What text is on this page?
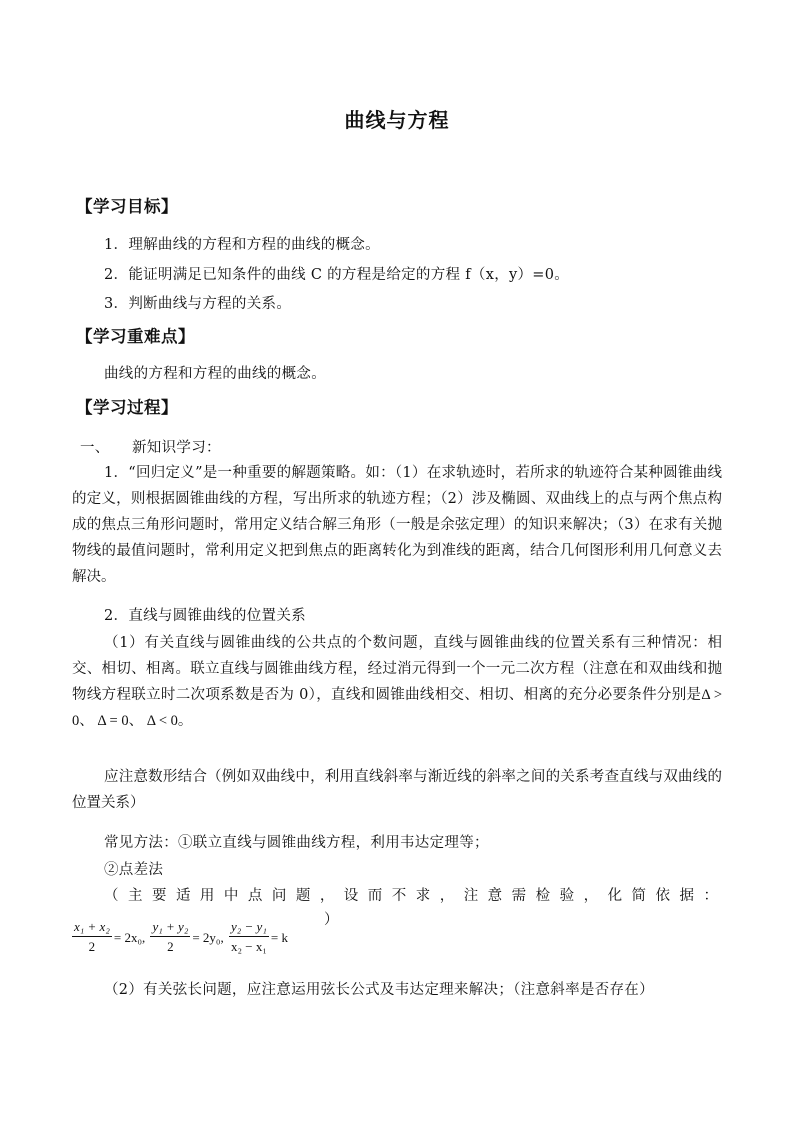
曲线与方程
【学习目标】
1．理解曲线的方程和方程的曲线的概念。
2．能证明满足已知条件的曲线 C 的方程是给定的方程 f（x，y）=0。
3．判断曲线与方程的关系。
【学习重难点】
曲线的方程和方程的曲线的概念。
【学习过程】
一、 新知识学习：
1．“回归定义”是一种重要的解题策略。如：（1）在求轨迹时，若所求的轨迹符合某种圆锥曲线的定义，则根据圆锥曲线的方程，写出所求的轨迹方程；（2）涉及椭圆、双曲线上的点与两个焦点构成的焦点三角形问题时，常用定义结合解三角形（一般是余弦定理）的知识来解决；（3）在求有关抛物线的最值问题时，常利用定义把到焦点的距离转化为到准线的距离，结合几何图形利用几何意义去解决。
2．直线与圆锥曲线的位置关系
（1）有关直线与圆锥曲线的公共点的个数问题，直线与圆锥曲线的位置关系有三种情况：相交、相切、相离。联立直线与圆锥曲线方程，经过消元得到一个一元二次方程（注意在和双曲线和抛物线方程联立时二次项系数是否为 0），直线和圆锥曲线相交、相切、相离的充分必要条件分别是Δ > 0、 Δ = 0、 Δ < 0。
应注意数形结合（例如双曲线中，利用直线斜率与渐近线的斜率之间的关系考查直线与双曲线的位置关系）
常见方法：①联立直线与圆锥曲线方程，利用韦达定理等；
②点差法
（主要适用中点问题，设而不求，注意需检验，化简依据：
$\frac{\text{x₁ + x₂}}{2} = 2x_0$, $\frac{\text{y₁ + y₂}}{2} = 2y_0$, $\frac{\text{y₂ − y₁}}{\text{x₂ − x₁}} = k$
）
（2）有关弦长问题，应注意运用弦长公式及韦达定理来解决；（注意斜率是否存在）
